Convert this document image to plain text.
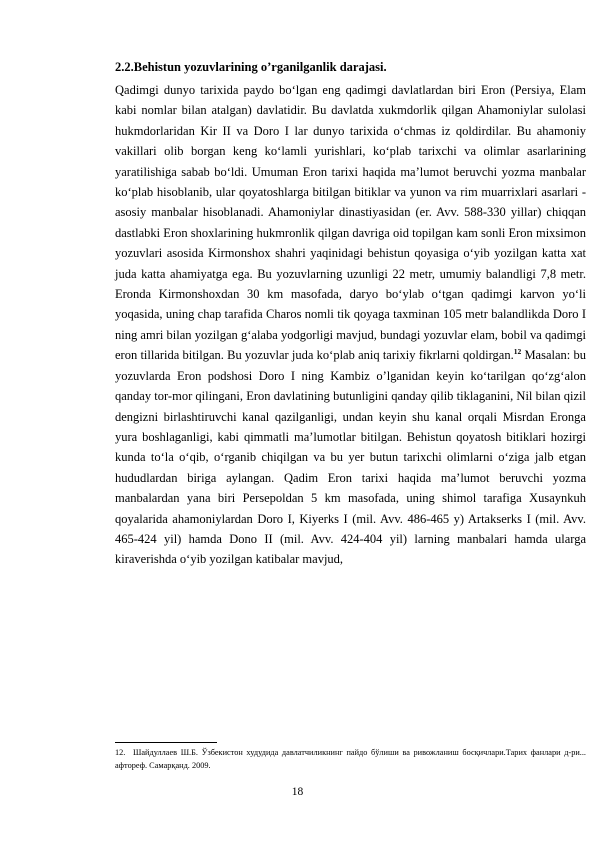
2.2.Behistun yozuvlarining o’rganilganlik darajasi.
Qadimgi dunyo tarixida paydo bo‘lgan eng qadimgi davlatlardan biri Eron (Persiya, Elam kabi nomlar bilan atalgan) davlatidir. Bu davlatda xukmdorlik qilgan Ahamoniylar sulolasi hukmdorlaridan Kir II va Doro I lar dunyo tarixida o‘chmas iz qoldirdilar. Bu ahamoniy vakillari olib borgan keng ko‘lamli yurishlari, ko‘plab tarixchi va olimlar asarlarining yaratilishiga sabab bo‘ldi. Umuman Eron tarixi haqida ma’lumot beruvchi yozma manbalar ko‘plab hisoblanib, ular qoyatoshlarga bitilgan bitiklar va yunon va rim muarrixlari asarlari - asosiy manbalar hisoblanadi. Ahamoniylar dinastiyasidan (er. Avv. 588-330 yillar) chiqqan dastlabki Eron shoxlarining hukmronlik qilgan davriga oid topilgan kam sonli Eron mixsimon yozuvlari asosida Kirmonshox shahri yaqinidagi behistun qoyasiga o‘yib yozilgan katta xat juda katta ahamiyatga ega. Bu yozuvlarning uzunligi 22 metr, umumiy balandligi 7,8 metr. Eronda Kirmonshoxdan 30 km masofada, daryo bo‘ylab o‘tgan qadimgi karvon yo‘li yoqasida, uning chap tarafida Charos nomli tik qoyaga taxminan 105 metr balandlikda Doro I ning amri bilan yozilgan g‘alaba yodgorligi mavjud, bundagi yozuvlar elam, bobil va qadimgi eron tillarida bitilgan. Bu yozuvlar juda ko‘plab aniq tarixiy fikrlarni qoldirgan.$^{12}$ Masalan: bu yozuvlarda Eron podshosi Doro I ning Kambiz o’lganidan keyin ko‘tarilgan qo‘zg‘alon qanday tor-mor qilingani, Eron davlatining butunligini qanday qilib tiklaganini, Nil bilan qizil dengizni birlashtiruvchi kanal qazilganligi, undan keyin shu kanal orqali Misrdan Eronga yura boshlaganligi, kabi qimmatli ma’lumotlar bitilgan. Behistun qoyatosh bitiklari hozirgi kunda to‘la o‘qib, o‘rganib chiqilgan va bu yer butun tarixchi olimlarni o‘ziga jalb etgan hududlardan biriga aylangan. Qadim Eron tarixi haqida ma’lumot beruvchi yozma manbalardan yana biri Persepoldan 5 km masofada, uning shimol tarafiga Xusaynkuh qoyalarida ahamoniylardan Doro I, Kiyerks I (mil. Avv. 486-465 y) Artakserks I (mil. Avv. 465-424 yil) hamda Dono II (mil. Avv. 424-404 yil) larning manbalari hamda ularga kiraverishda o‘yib yozilgan katibalar mavjud,
12. Шайдуллаев Ш.Б. Ўзбекистон худудида давлатчиликнинг пайдо бўлиши ва ривожланиш босқичлари.Тарих фанлари д-ри... афтореф. Самарқанд. 2009.
18
